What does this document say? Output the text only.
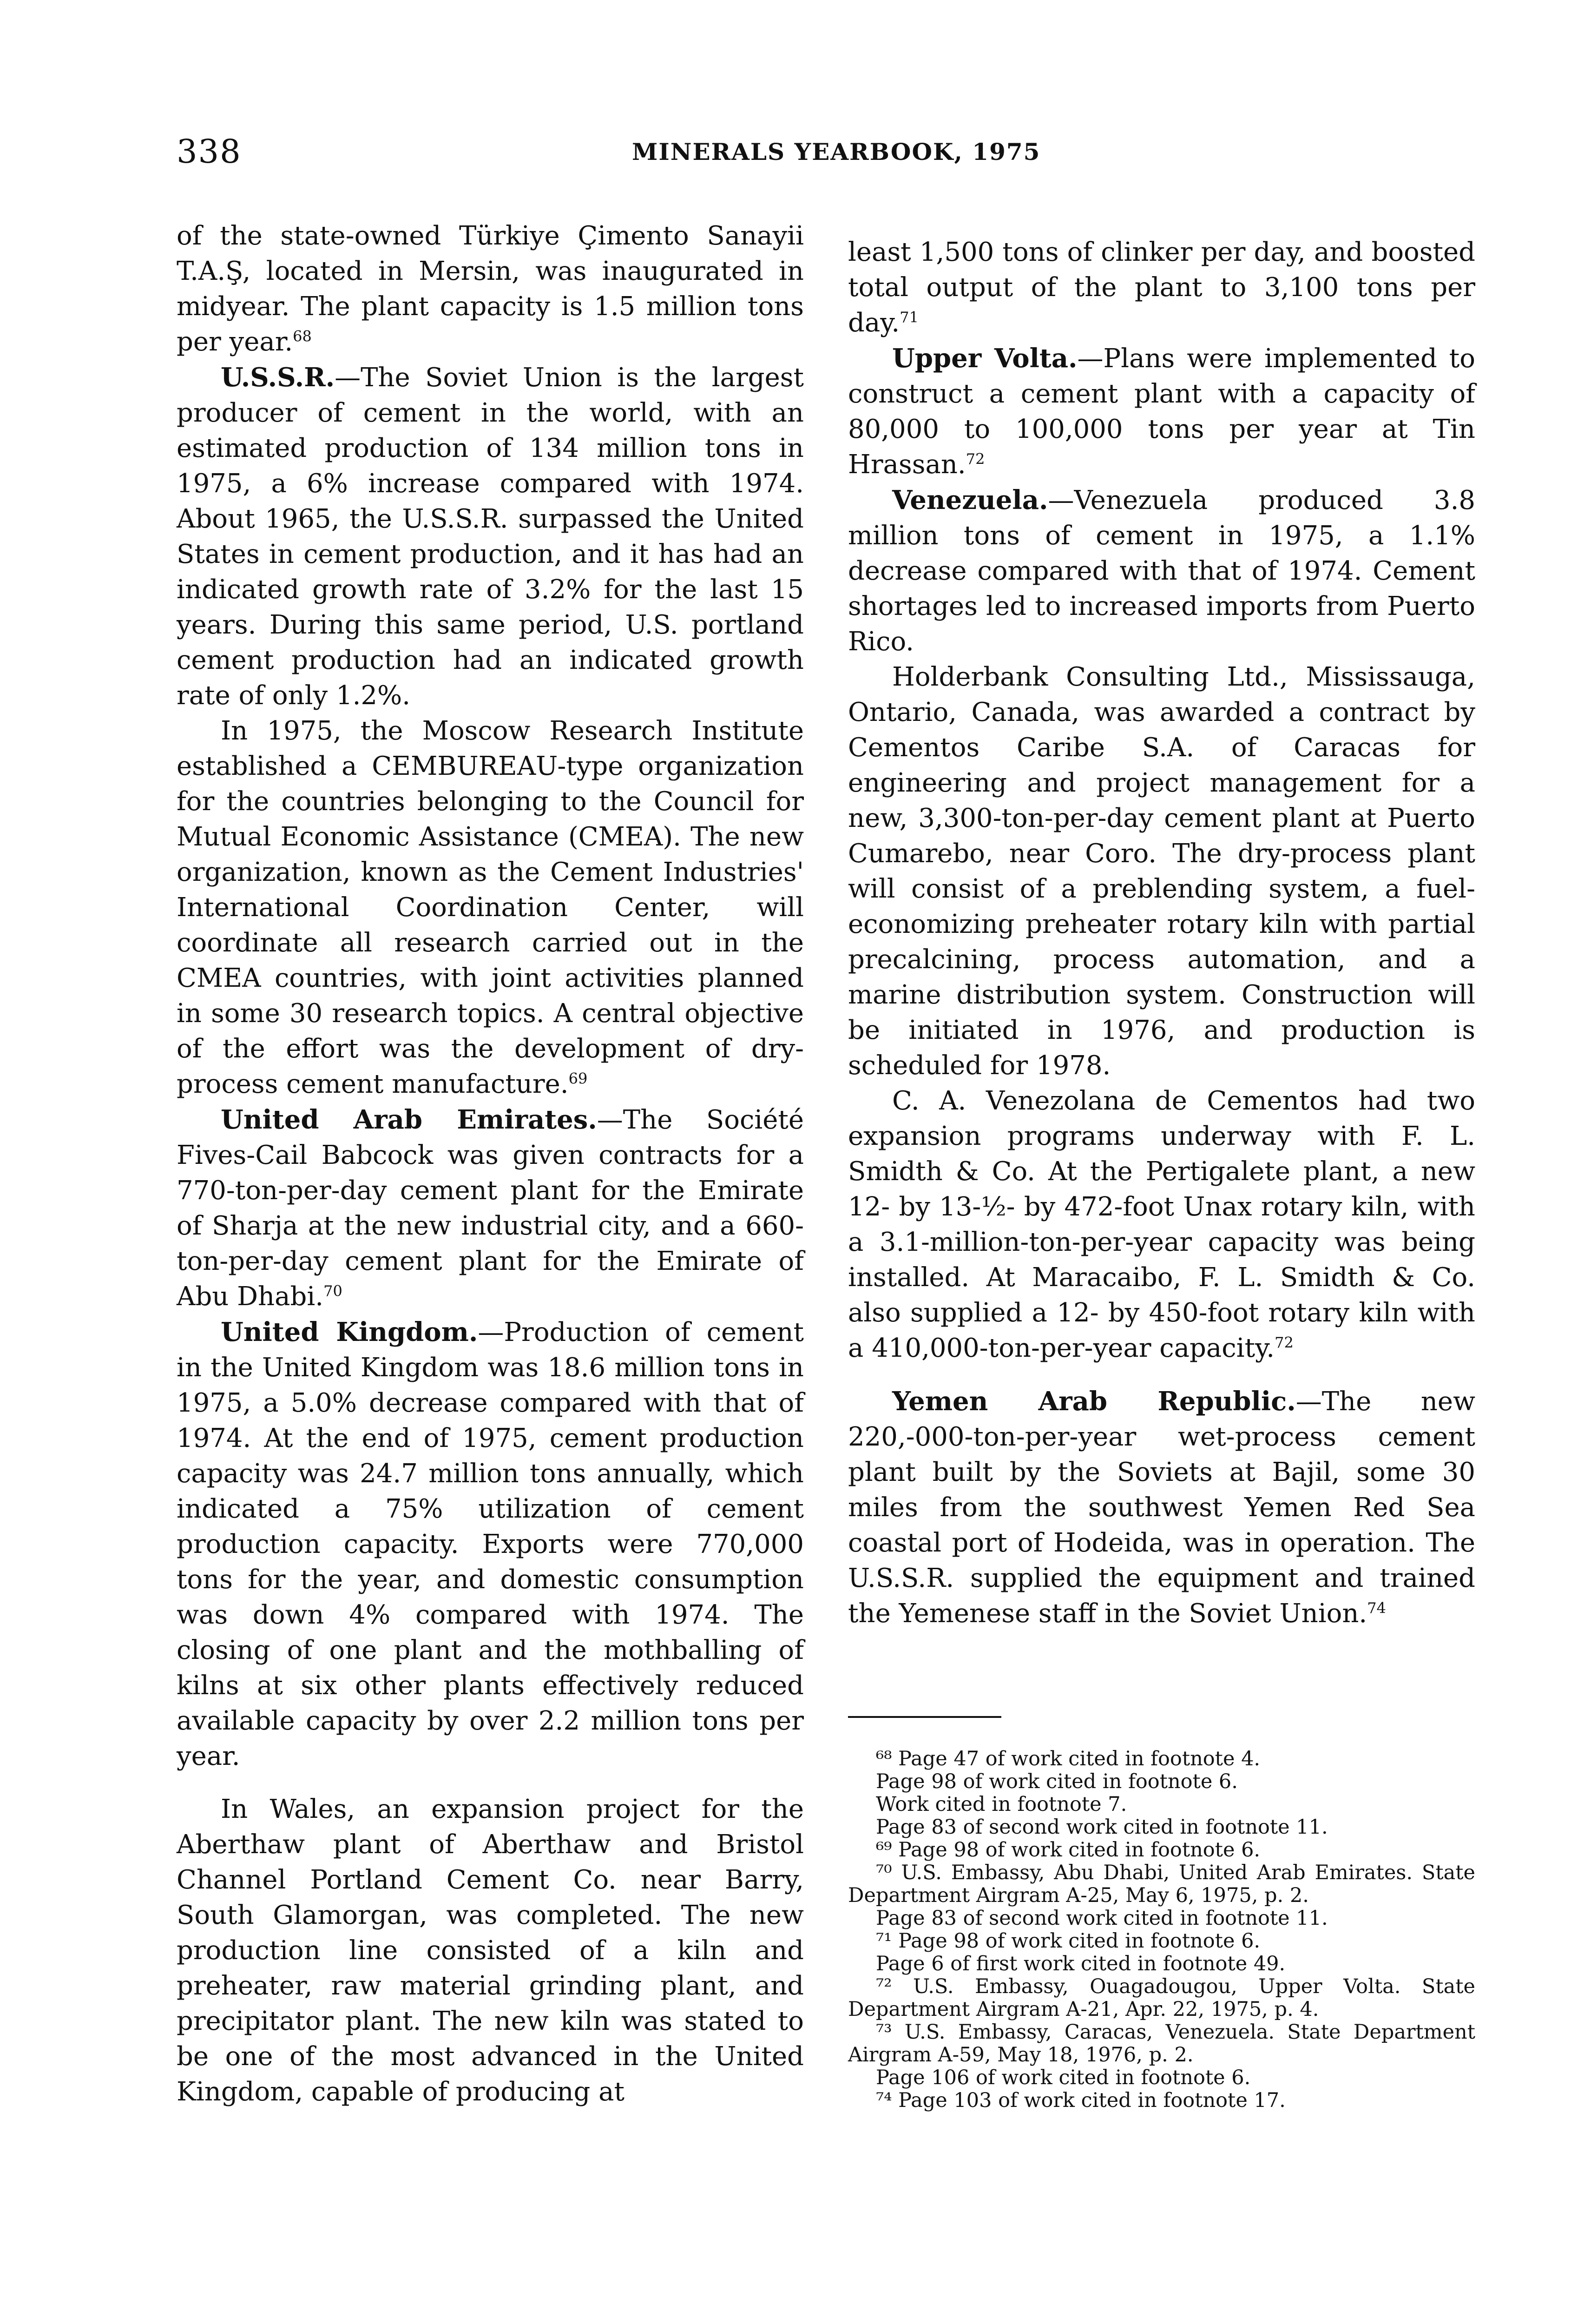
338	MINERALS YEARBOOK, 1975

of the state-owned Türkiye Çimento Sanayii T.A.Ş, located in Mersin, was inaugurated in midyear. The plant capacity is 1.5 million tons per year.$^{68}$

U.S.S.R.—The Soviet Union is the largest producer of cement in the world, with an estimated production of 134 million tons in 1975, a 6% increase compared with 1974. About 1965, the U.S.S.R. surpassed the United States in cement production, and it has had an indicated growth rate of 3.2% for the last 15 years. During this same period, U.S. portland cement production had an indicated growth rate of only 1.2%.

In 1975, the Moscow Research Institute established a CEMBUREAU-type organization for the countries belonging to the Council for Mutual Economic Assistance (CMEA). The new organization, known as the Cement Industries' International Coordination Center, will coordinate all research carried out in the CMEA countries, with joint activities planned in some 30 research topics. A central objective of the effort was the development of dry-process cement manufacture.$^{69}$

United Arab Emirates.—The Société Fives-Cail Babcock was given contracts for a 770-ton-per-day cement plant for the Emirate of Sharja at the new industrial city, and a 660-ton-per-day cement plant for the Emirate of Abu Dhabi.$^{70}$

United Kingdom.—Production of cement in the United Kingdom was 18.6 million tons in 1975, a 5.0% decrease compared with that of 1974. At the end of 1975, cement production capacity was 24.7 million tons annually, which indicated a 75% utilization of cement production capacity. Exports were 770,000 tons for the year, and domestic consumption was down 4% compared with 1974. The closing of one plant and the mothballing of kilns at six other plants effectively reduced available capacity by over 2.2 million tons per year.

In Wales, an expansion project for the Aberthaw plant of Aberthaw and Bristol Channel Portland Cement Co. near Barry, South Glamorgan, was completed. The new production line consisted of a kiln and preheater, raw material grinding plant, and precipitator plant. The new kiln was stated to be one of the most advanced in the United Kingdom, capable of producing at

least 1,500 tons of clinker per day, and boosted total output of the plant to 3,100 tons per day.$^{71}$

Upper Volta.—Plans were implemented to construct a cement plant with a capacity of 80,000 to 100,000 tons per year at Tin Hrassan.$^{72}$

Venezuela.—Venezuela produced 3.8 million tons of cement in 1975, a 1.1% decrease compared with that of 1974. Cement shortages led to increased imports from Puerto Rico.

Holderbank Consulting Ltd., Mississauga, Ontario, Canada, was awarded a contract by Cementos Caribe S.A. of Caracas for engineering and project management for a new, 3,300-ton-per-day cement plant at Puerto Cumarebo, near Coro. The dry-process plant will consist of a preblending system, a fuel-economizing preheater rotary kiln with partial precalcining, process automation, and a marine distribution system. Construction will be initiated in 1976, and production is scheduled for 1978.

C. A. Venezolana de Cementos had two expansion programs underway with F. L. Smidth & Co. At the Pertigalete plant, a new 12- by 13-½- by 472-foot Unax rotary kiln, with a 3.1-million-ton-per-year capacity was being installed. At Maracaibo, F. L. Smidth & Co. also supplied a 12- by 450-foot rotary kiln with a 410,000-ton-per-year capacity.$^{72}$

Yemen Arab Republic.—The new 220,-000-ton-per-year wet-process cement plant built by the Soviets at Bajil, some 30 miles from the southwest Yemen Red Sea coastal port of Hodeida, was in operation. The U.S.S.R. supplied the equipment and trained the Yemenese staff in the Soviet Union.$^{74}$

⁶⁸ Page 47 of work cited in footnote 4.

Page 98 of work cited in footnote 6.

Work cited in footnote 7.

Page 83 of second work cited in footnote 11.

⁶⁹ Page 98 of work cited in footnote 6.

⁷⁰ U.S. Embassy, Abu Dhabi, United Arab Emirates. State Department Airgram A-25, May 6, 1975, p. 2.

Page 83 of second work cited in footnote 11.

⁷¹ Page 98 of work cited in footnote 6.

Page 6 of first work cited in footnote 49.

⁷² U.S. Embassy, Ouagadougou, Upper Volta. State Department Airgram A-21, Apr. 22, 1975, p. 4.

⁷³ U.S. Embassy, Caracas, Venezuela. State Department Airgram A-59, May 18, 1976, p. 2.

Page 106 of work cited in footnote 6.

⁷⁴ Page 103 of work cited in footnote 17.
